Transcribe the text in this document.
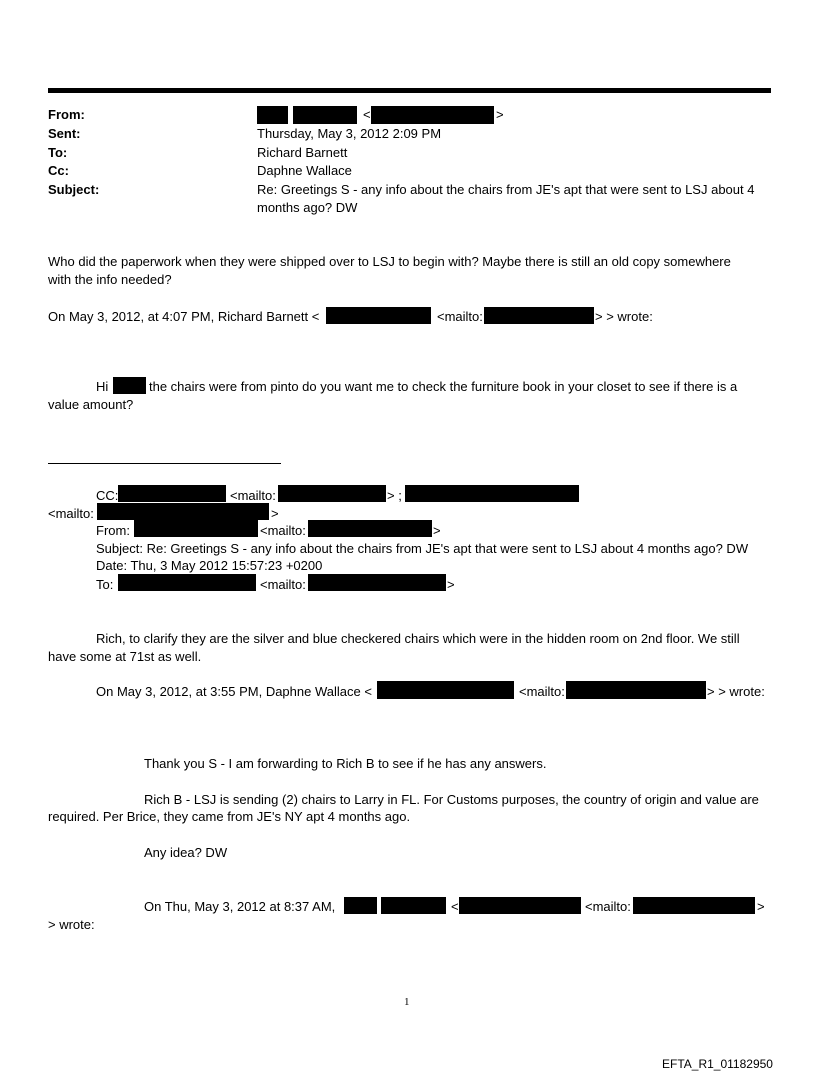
From:	<	>
Sent:	Thursday, May 3, 2012 2:09 PM
To:	Richard Barnett
Cc:	Daphne Wallace
Subject:	Re: Greetings S - any info about the chairs from JE's apt that were sent to LSJ about 4
months ago? DW
Who did the paperwork when they were shipped over to LSJ to begin with? Maybe there is still an old copy somewhere
with the info needed?
On May 3, 2012, at 4:07 PM, Richard Barnett <	<mailto:	> > wrote:
Hi	the chairs were from pinto do you want me to check the furniture book in your closet to see if there is a
value amount?
CC:	<mailto:	> ;
<mailto:	>
From:	<mailto:	>
Subject: Re: Greetings S - any info about the chairs from JE's apt that were sent to LSJ about 4 months ago? DW
Date: Thu, 3 May 2012 15:57:23 +0200
To:	<mailto:	>
Rich, to clarify they are the silver and blue checkered chairs which were in the hidden room on 2nd floor. We still
have some at 71st as well.
On May 3, 2012, at 3:55 PM, Daphne Wallace <	<mailto:	> > wrote:
Thank you S - I am forwarding to Rich B to see if he has any answers.
Rich B - LSJ is sending (2) chairs to Larry in FL. For Customs purposes, the country of origin and value are
required. Per Brice, they came from JE's NY apt 4 months ago.
Any idea? DW
On Thu, May 3, 2012 at 8:37 AM,	<	<mailto:	>
> wrote:
1
EFTA_R1_01182950
